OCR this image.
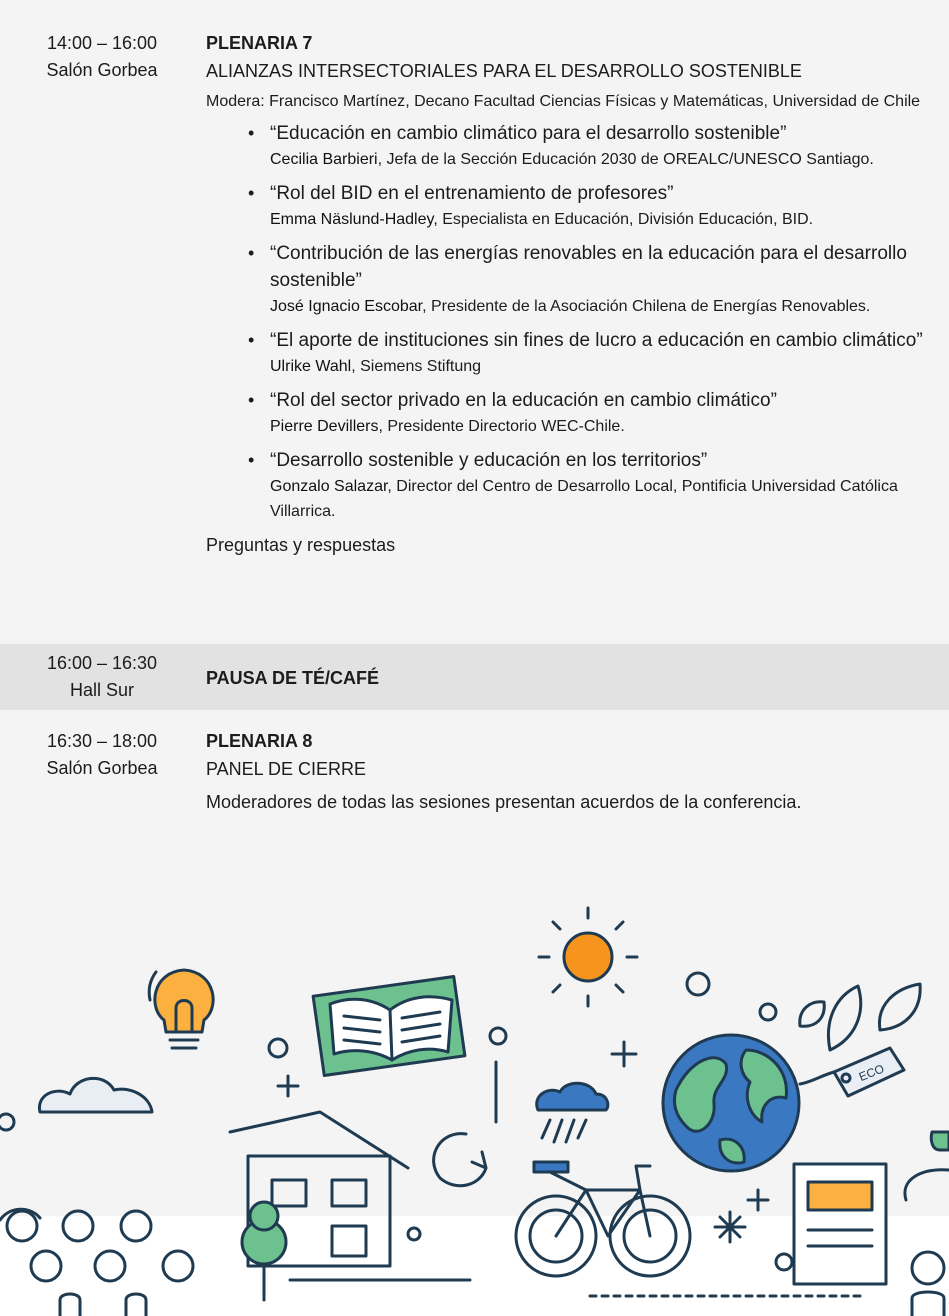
14:00 – 16:00
Salón Gorbea
PLENARIA 7
ALIANZAS INTERSECTORIALES PARA EL DESARROLLO SOSTENIBLE
Modera: Francisco Martínez, Decano Facultad Ciencias Físicas y Matemáticas, Universidad de Chile
• “Educación en cambio climático para el desarrollo sostenible”
Cecilia Barbieri, Jefa de la Sección Educación 2030 de OREALC/UNESCO Santiago.
• “Rol del BID en el entrenamiento de profesores”
Emma Näslund-Hadley, Especialista en Educación, División Educación, BID.
• “Contribución de las energías renovables en la educación para el desarrollo sostenible”
José Ignacio Escobar, Presidente de la Asociación Chilena de Energías Renovables.
• “El aporte de instituciones sin fines de lucro a educación en cambio climático”
Ulrike Wahl, Siemens Stiftung
• “Rol del sector privado en la educación en cambio climático”
Pierre Devillers, Presidente Directorio WEC-Chile.
• “Desarrollo sostenible y educación en los territorios”
Gonzalo Salazar, Director del Centro de Desarrollo Local, Pontificia Universidad Católica Villarrica.
Preguntas y respuestas
16:00 – 16:30
Hall Sur
PAUSA DE TÉ/CAFÉ
16:30 – 18:00
Salón Gorbea
PLENARIA 8
PANEL DE CIERRE
Moderadores de todas las sesiones presentan acuerdos de la conferencia.
ECO
